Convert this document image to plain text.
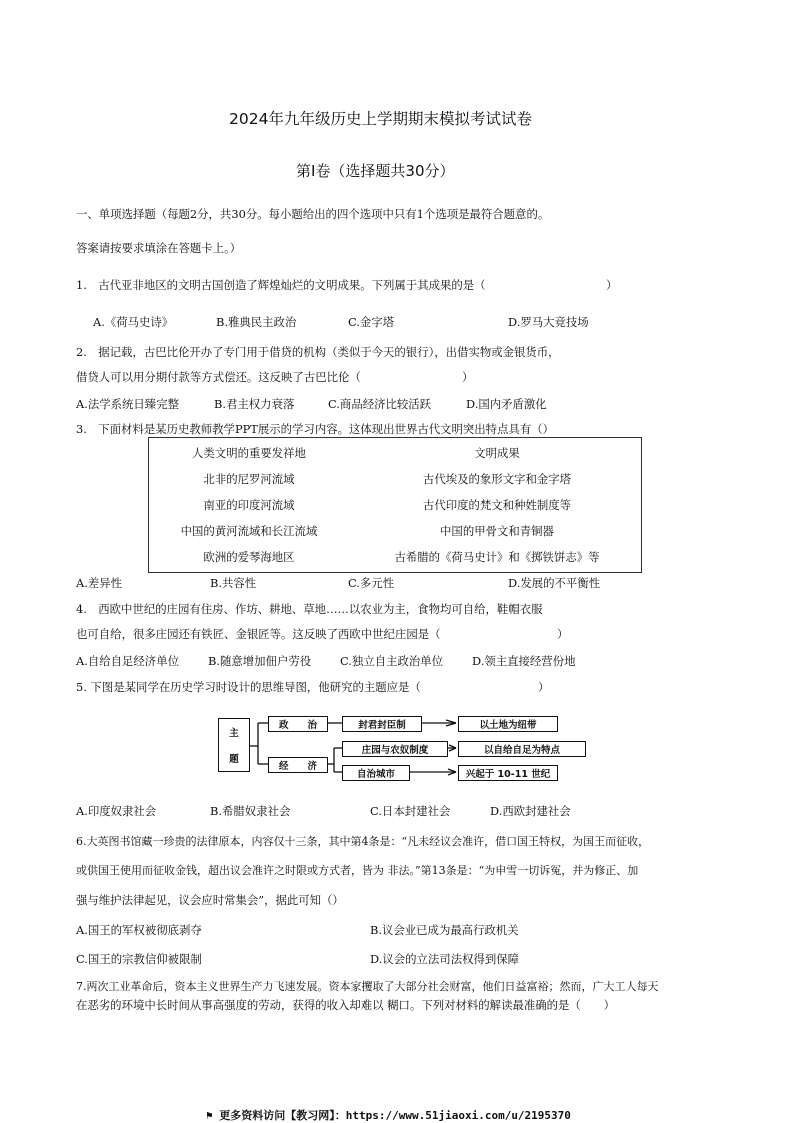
2024年九年级历史上学期期末模拟考试试卷
第Ⅰ卷（选择题共30分）
一、单项选择题（每题2分，共30分。每小题给出的四个选项中只有1个选项是最符合题意的。
答案请按要求填涂在答题卡上。）
1.　古代亚非地区的文明古国创造了辉煌灿烂的文明成果。下列属于其成果的是（	）
A.《荷马史诗》	B.雅典民主政治	C.金字塔	D.罗马大竞技场
2.　据记载，古巴比伦开办了专门用于借贷的机构（类似于今天的银行），出借实物或金银货币，
借贷人可以用分期付款等方式偿还。这反映了古巴比伦（	）
A.法学系统日臻完整	B.君主权力衰落	C.商品经济比较活跃	D.国内矛盾激化
3.　下面材料是某历史教师教学PPT展示的学习内容。这体现出世界古代文明突出特点具有（）
人类文明的重要发祥地	文明成果
北非的尼罗河流域	古代埃及的象形文字和金字塔
南亚的印度河流域	古代印度的梵文和种姓制度等
中国的黄河流域和长江流域	中国的甲骨文和青铜器
欧洲的爱琴海地区	古希腊的《荷马史计》和《掷铁饼志》等
A.差异性	B.共容性	C.多元性	D.发展的不平衡性
4.　西欧中世纪的庄园有住房、作坊、耕地、草地……以农业为主，食物均可自给，鞋帽衣服
也可自给，很多庄园还有铁匠、金银匠等。这反映了西欧中世纪庄园是（	）
A.自给自足经济单位	B.随意增加佃户劳役	C.独立自主政治单位	D.领主直接经营份地
5. 下图是某同学在历史学习时设计的思维导图，他研究的主题应是（	）
主
题
政　　治
经　　济
封君封臣制
庄园与农奴制度
自治城市
以土地为纽带
以自给自足为特点
兴起于 10-11 世纪
A.印度奴隶社会	B.希腊奴隶社会	C.日本封建社会	D.西欧封建社会
6.大英图书馆藏一珍贵的法律原本，内容仅十三条，其中第4条是：“凡未经议会准许，借口国王特权，为国王而征收，
或供国王使用而征收金钱，超出议会准许之时限或方式者，皆为 非法。”第13条是：“为申雪一切诉冤，并为修正、加
强与维护法律起见，议会应时常集会”，据此可知（）
A.国王的军权被彻底剥夺	B.议会业已成为最高行政机关
C.国王的宗教信仰被限制	D.议会的立法司法权得到保障
7.两次工业革命后，资本主义世界生产力飞速发展。资本家攫取了大部分社会财富，他们日益富裕；然而，广大工人每天
在恶劣的环境中长时间从事高强度的劳动，获得的收入却难以 糊口。下列对材料的解读最准确的是（　　）
⚑ 更多资料访问【教习网】：https://www.51jiaoxi.com/u/2195370
